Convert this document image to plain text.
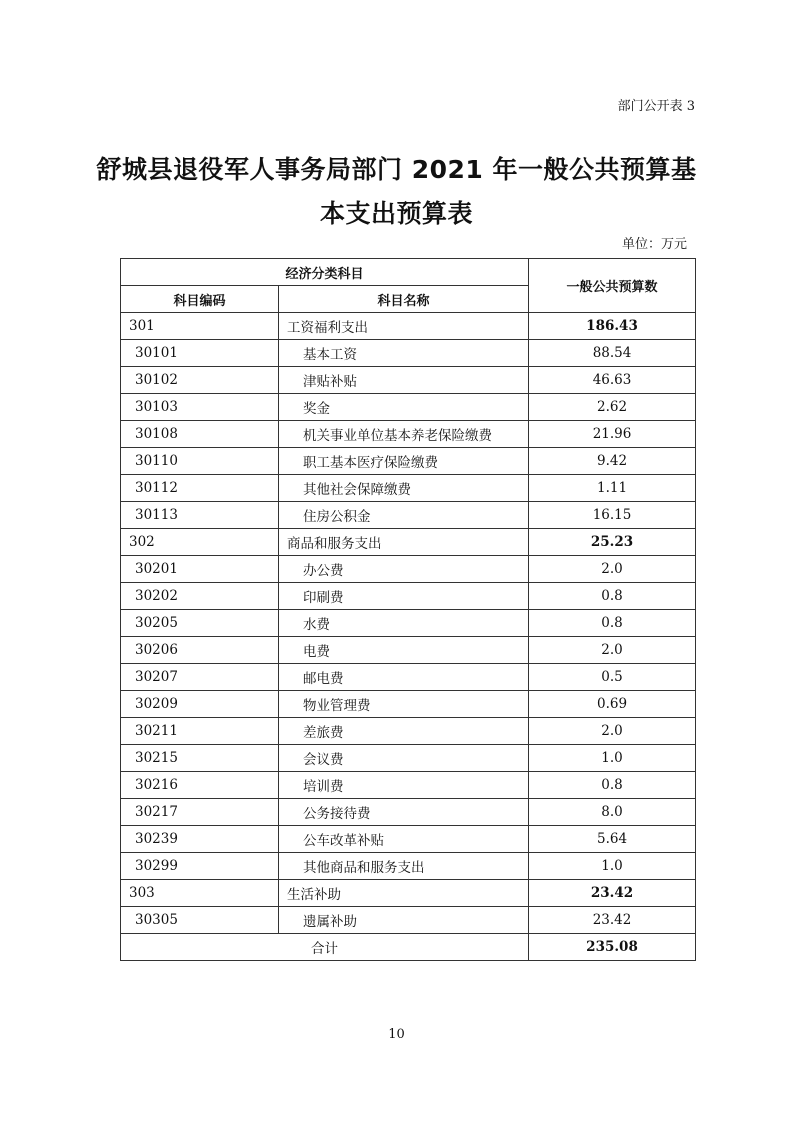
部门公开表 3
舒城县退役军人事务局部门 2021 年一般公共预算基
本支出预算表
单位：万元
经济分类科目		一般公共预算数
科目编码	科目名称	
301	工资福利支出	186.43
30101	基本工资	88.54
30102	津贴补贴	46.63
30103	奖金	2.62
30108	机关事业单位基本养老保险缴费	21.96
30110	职工基本医疗保险缴费	9.42
30112	其他社会保障缴费	1.11
30113	住房公积金	16.15
302	商品和服务支出	25.23
30201	办公费	2.0
30202	印刷费	0.8
30205	水费	0.8
30206	电费	2.0
30207	邮电费	0.5
30209	物业管理费	0.69
30211	差旅费	2.0
30215	会议费	1.0
30216	培训费	0.8
30217	公务接待费	8.0
30239	公车改革补贴	5.64
30299	其他商品和服务支出	1.0
303	生活补助	23.42
30305	遗属补助	23.42
合计		235.08
10
